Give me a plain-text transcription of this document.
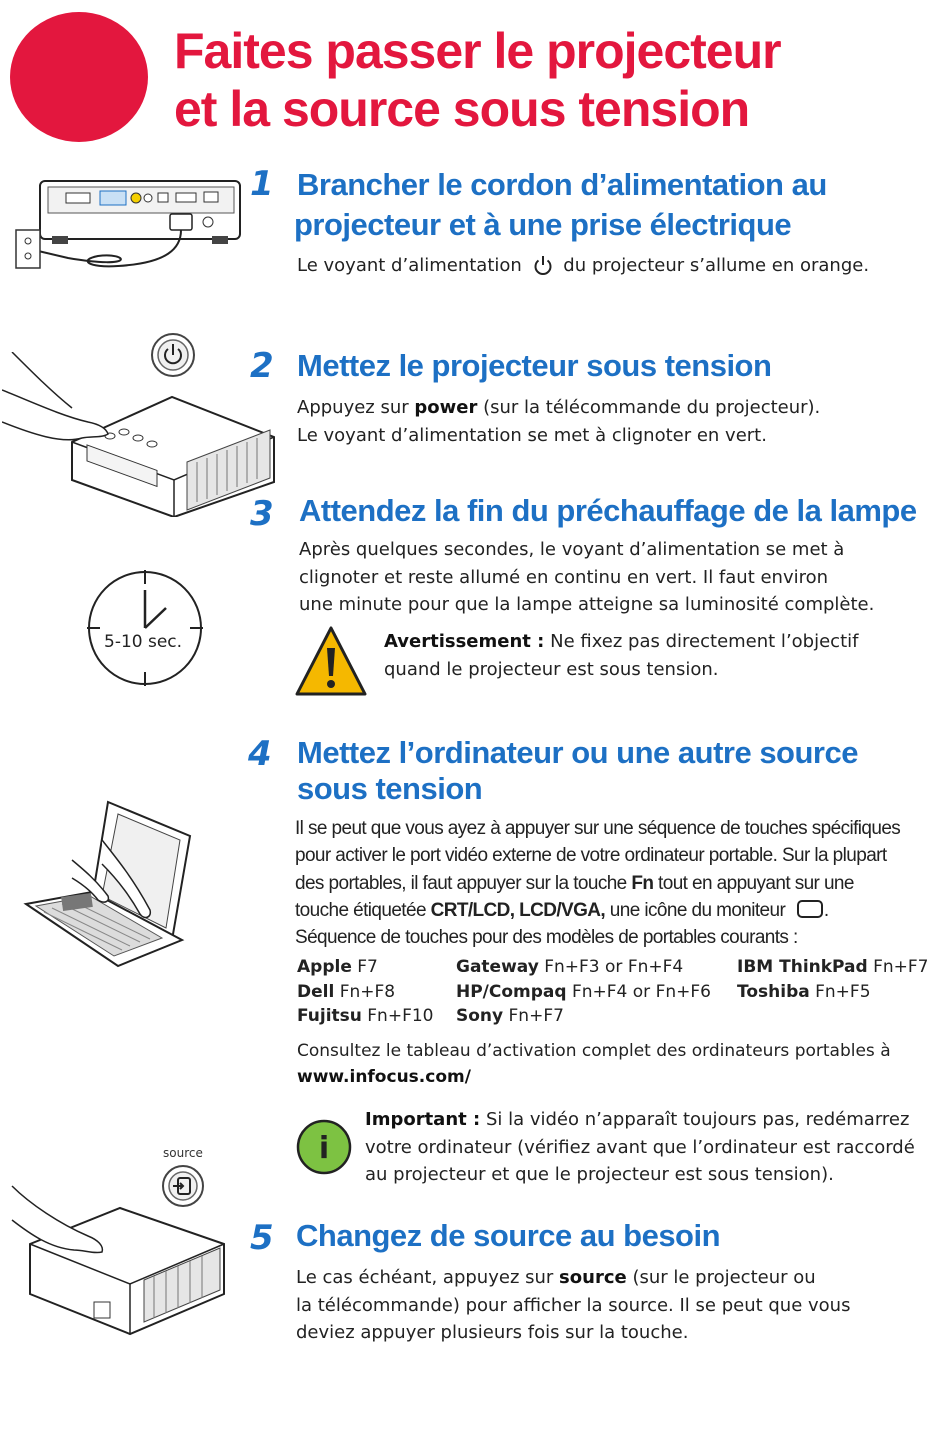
Faites passer le projecteur
et la source sous tension
1 Brancher le cordon d’alimentation au
projecteur et à une prise électrique

Le voyant d’alimentation du projecteur s’allume en orange.

2 Mettez le projecteur sous tension

Appuyez sur power (sur la télécommande du projecteur).
Le voyant d’alimentation se met à clignoter en vert.

3 Attendez la fin du préchauffage de la lampe

Après quelques secondes, le voyant d’alimentation se met à
clignoter et reste allumé en continu en vert. Il faut environ
une minute pour que la lampe atteigne sa luminosité complète.

5-10 sec.	Avertissement : Ne fixez pas directement l’objectif
quand le projecteur est sous tension.

4 Mettez l’ordinateur ou une autre source
sous tension
Il se peut que vous ayez à appuyer sur une séquence de touches spécifiques
pour activer le port vidéo externe de votre ordinateur portable. Sur la plupart
des portables, il faut appuyer sur la touche Fn tout en appuyant sur une
touche étiquetée CRT/LCD, LCD/VGA, une icône du moniteur .
Séquence de touches pour des modèles de portables courants :
Apple F7
Dell Fn+F8
Fujitsu Fn+F10
Gateway Fn+F3 or Fn+F4
HP/Compaq Fn+F4 or Fn+F6
Sony Fn+F7
IBM ThinkPad Fn+F7
Toshiba Fn+F5

Consultez le tableau d’activation complet des ordinateurs portables à
www.infocus.com/

i

Important : Si la vidéo n’apparaît toujours pas, redémarrez
votre ordinateur (vérifiez avant que l’ordinateur est raccordé
au projecteur et que le projecteur est sous tension).

source
5 Changez de source au besoin

Le cas échéant, appuyez sur source (sur le projecteur ou
la télécommande) pour afficher la source. Il se peut que vous
deviez appuyer plusieurs fois sur la touche.
